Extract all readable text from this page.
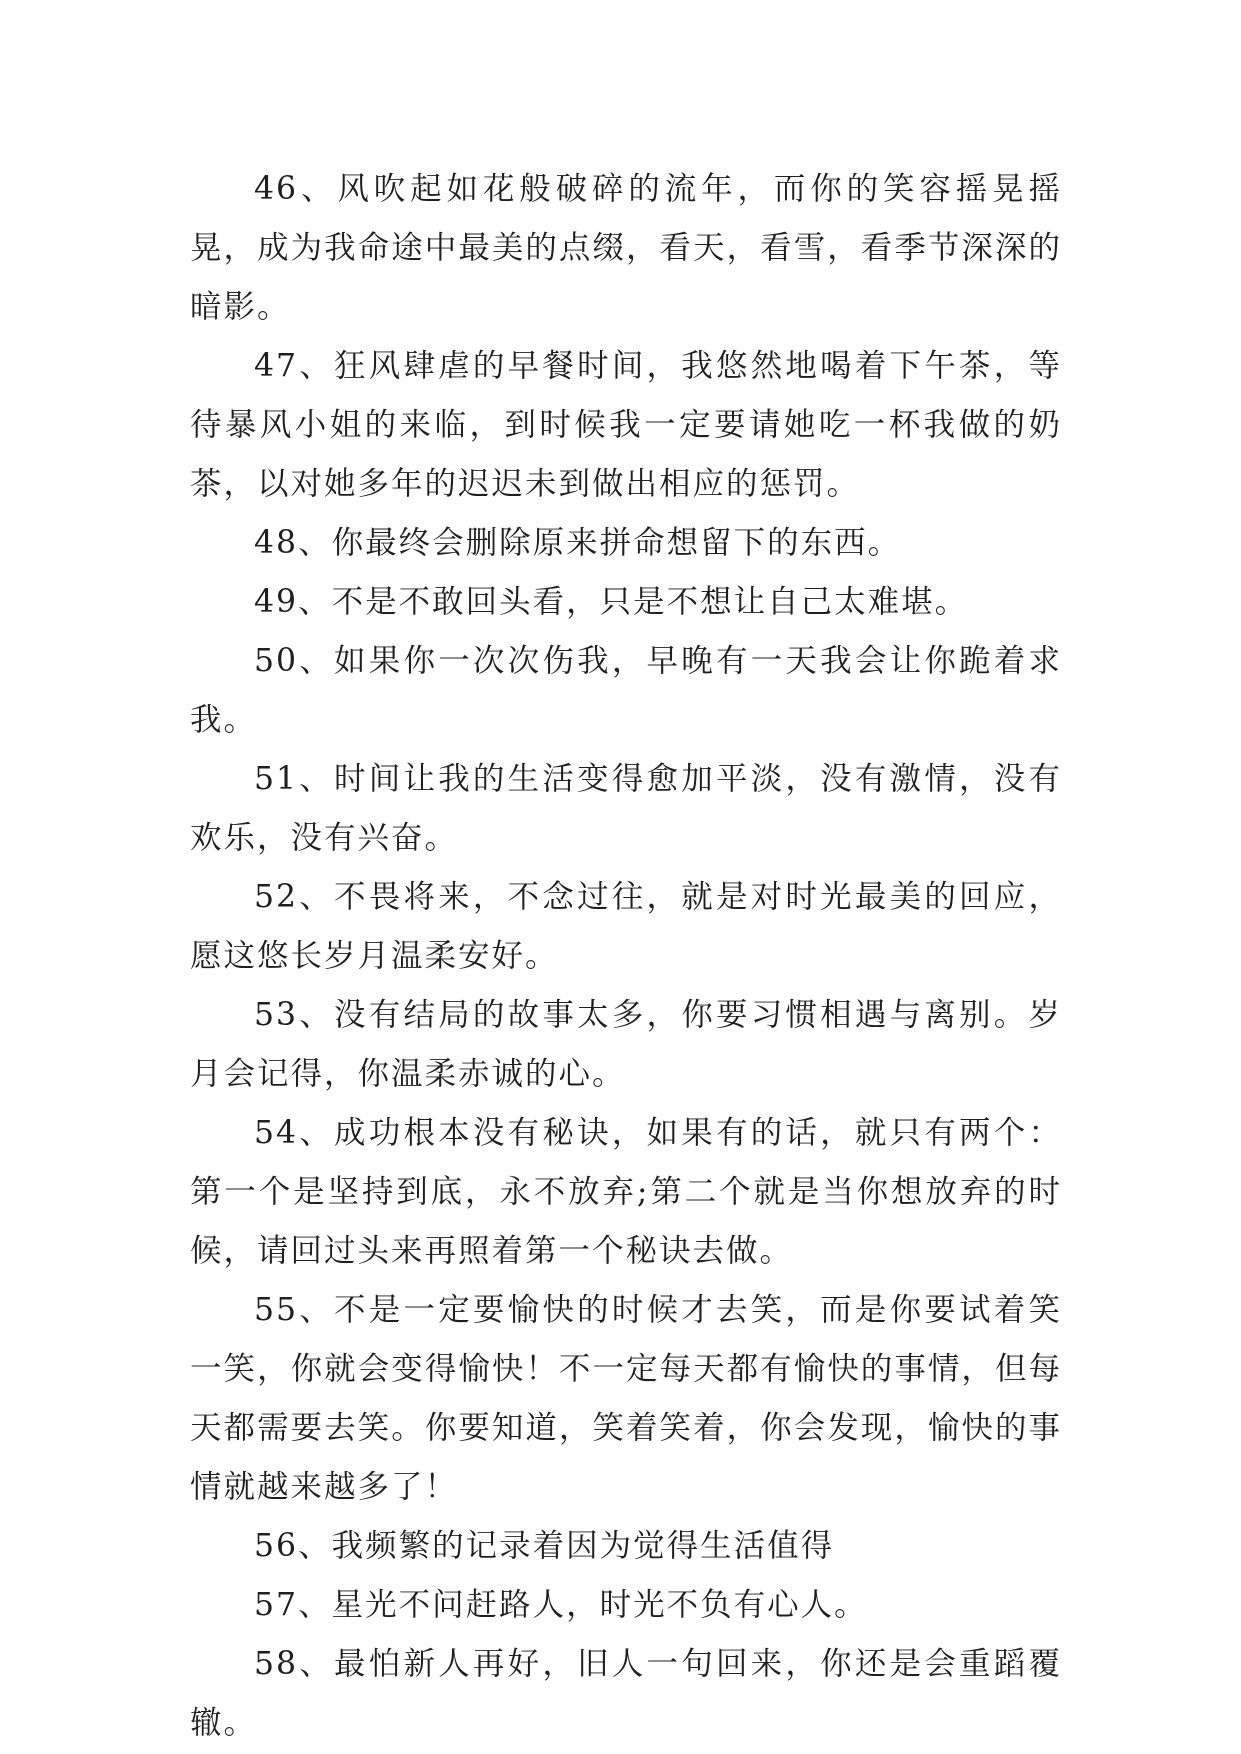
46、风吹起如花般破碎的流年，而你的笑容摇晃摇晃，成为我命途中最美的点缀，看天，看雪，看季节深深的暗影。

47、狂风肆虐的早餐时间，我悠然地喝着下午茶，等待暴风小姐的来临，到时候我一定要请她吃一杯我做的奶茶，以对她多年的迟迟未到做出相应的惩罚。

48、你最终会删除原来拼命想留下的东西。

49、不是不敢回头看，只是不想让自己太难堪。

50、如果你一次次伤我，早晚有一天我会让你跪着求我。

51、时间让我的生活变得愈加平淡，没有激情，没有欢乐，没有兴奋。

52、不畏将来，不念过往，就是对时光最美的回应，愿这悠长岁月温柔安好。

53、没有结局的故事太多，你要习惯相遇与离别。岁月会记得，你温柔赤诚的心。

54、成功根本没有秘诀，如果有的话，就只有两个：第一个是坚持到底，永不放弃;第二个就是当你想放弃的时候，请回过头来再照着第一个秘诀去做。

55、不是一定要愉快的时候才去笑，而是你要试着笑一笑，你就会变得愉快！不一定每天都有愉快的事情，但每天都需要去笑。你要知道，笑着笑着，你会发现，愉快的事情就越来越多了！

56、我频繁的记录着因为觉得生活值得

57、星光不问赶路人，时光不负有心人。

58、最怕新人再好，旧人一句回来，你还是会重蹈覆辙。
